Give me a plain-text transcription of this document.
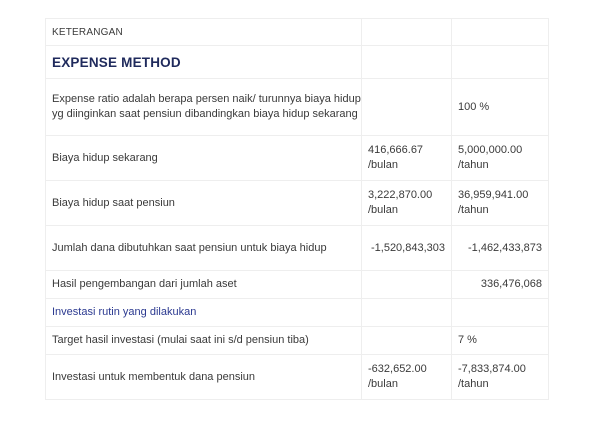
KETERANGAN		
EXPENSE METHOD		
Expense ratio adalah berapa persen naik/ turunnya biaya hidup yg diinginkan saat pensiun dibandingkan biaya hidup sekarang		100 %
Biaya hidup sekarang	416,666.67 /bulan	5,000,000.00 /tahun
Biaya hidup saat pensiun	3,222,870.00 /bulan	36,959,941.00 /tahun
Jumlah dana dibutuhkan saat pensiun untuk biaya hidup	-1,520,843,303	-1,462,433,873
Hasil pengembangan dari jumlah aset		336,476,068
Investasi rutin yang dilakukan		
Target hasil investasi (mulai saat ini s/d pensiun tiba)		7 %
Investasi untuk membentuk dana pensiun	-632,652.00 /bulan	-7,833,874.00 /tahun
